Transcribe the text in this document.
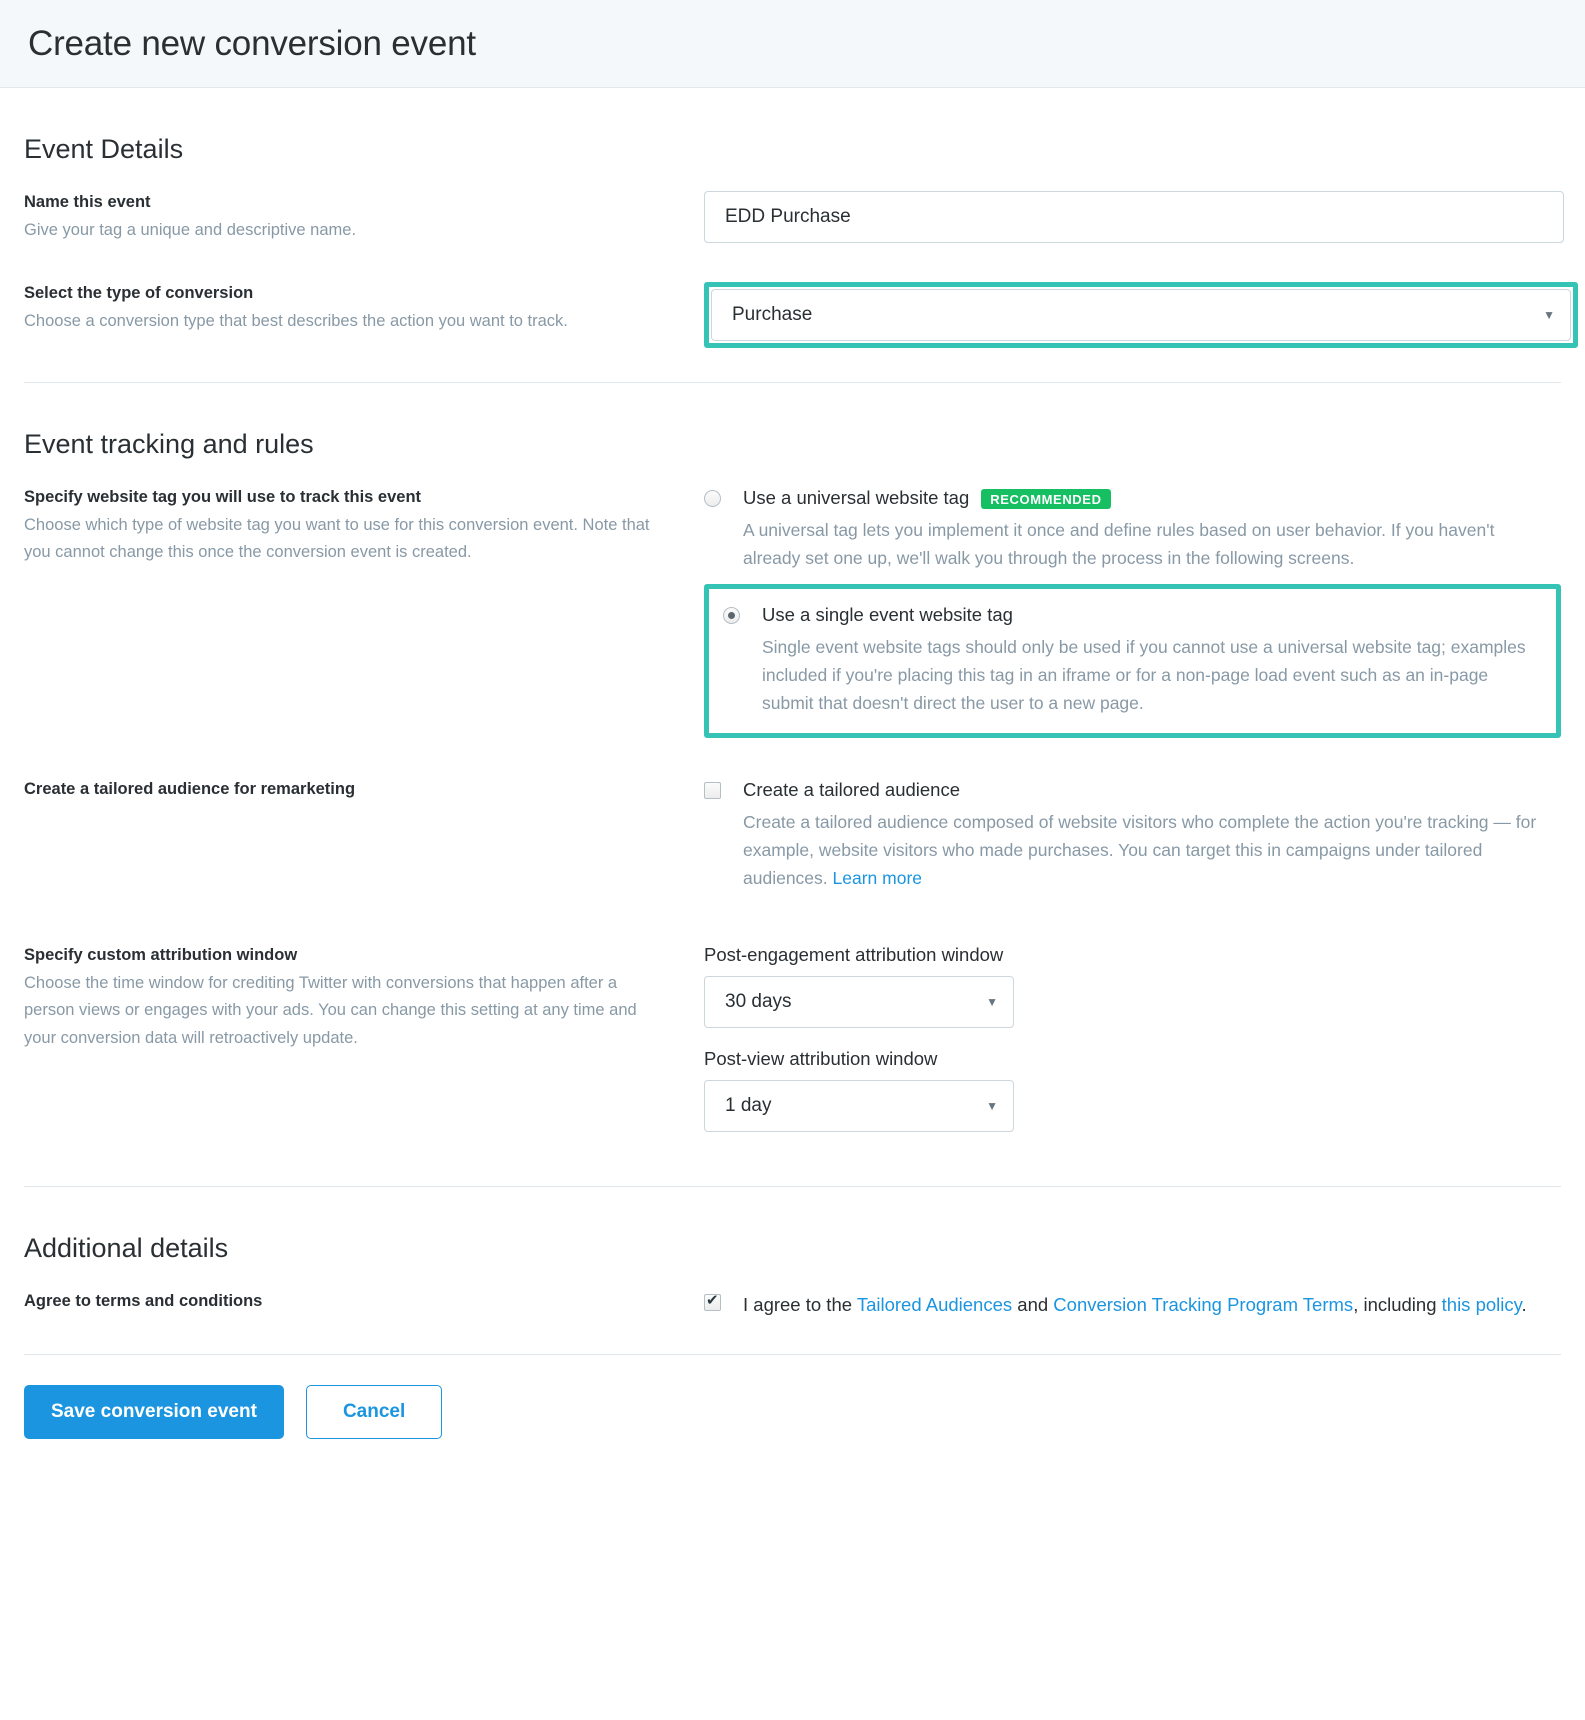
Create new conversion event
Event Details
Name this event
Give your tag a unique and descriptive name.
EDD Purchase
Select the type of conversion
Choose a conversion type that best describes the action you want to track.	Purchase	▼
Event tracking and rules
Specify website tag you will use to track this event
Choose which type of website tag you want to use for this conversion event. Note that you cannot change this once the conversion event is created.
Use a universal website tag	RECOMMENDED
A universal tag lets you implement it once and define rules based on user behavior. If you haven't already set one up, we'll walk you through the process in the following screens.
Use a single event website tag
Single event website tags should only be used if you cannot use a universal website tag; examples included if you're placing this tag in an iframe or for a non-page load event such as an in-page submit that doesn't direct the user to a new page.
Create a tailored audience for remarketing	Create a tailored audience
Create a tailored audience composed of website visitors who complete the action you're tracking — for example, website visitors who made purchases. You can target this in campaigns under tailored audiences. Learn more
Specify custom attribution window
Choose the time window for crediting Twitter with conversions that happen after a person views or engages with your ads. You can change this setting at any time and your conversion data will retroactively update.
Post-engagement attribution window
30 days	▼
Post-view attribution window
1 day	▼
Additional details
Agree to terms and conditions ✔	I agree to the Tailored Audiences and Conversion Tracking Program Terms, including this policy.
Save conversion event	Cancel
